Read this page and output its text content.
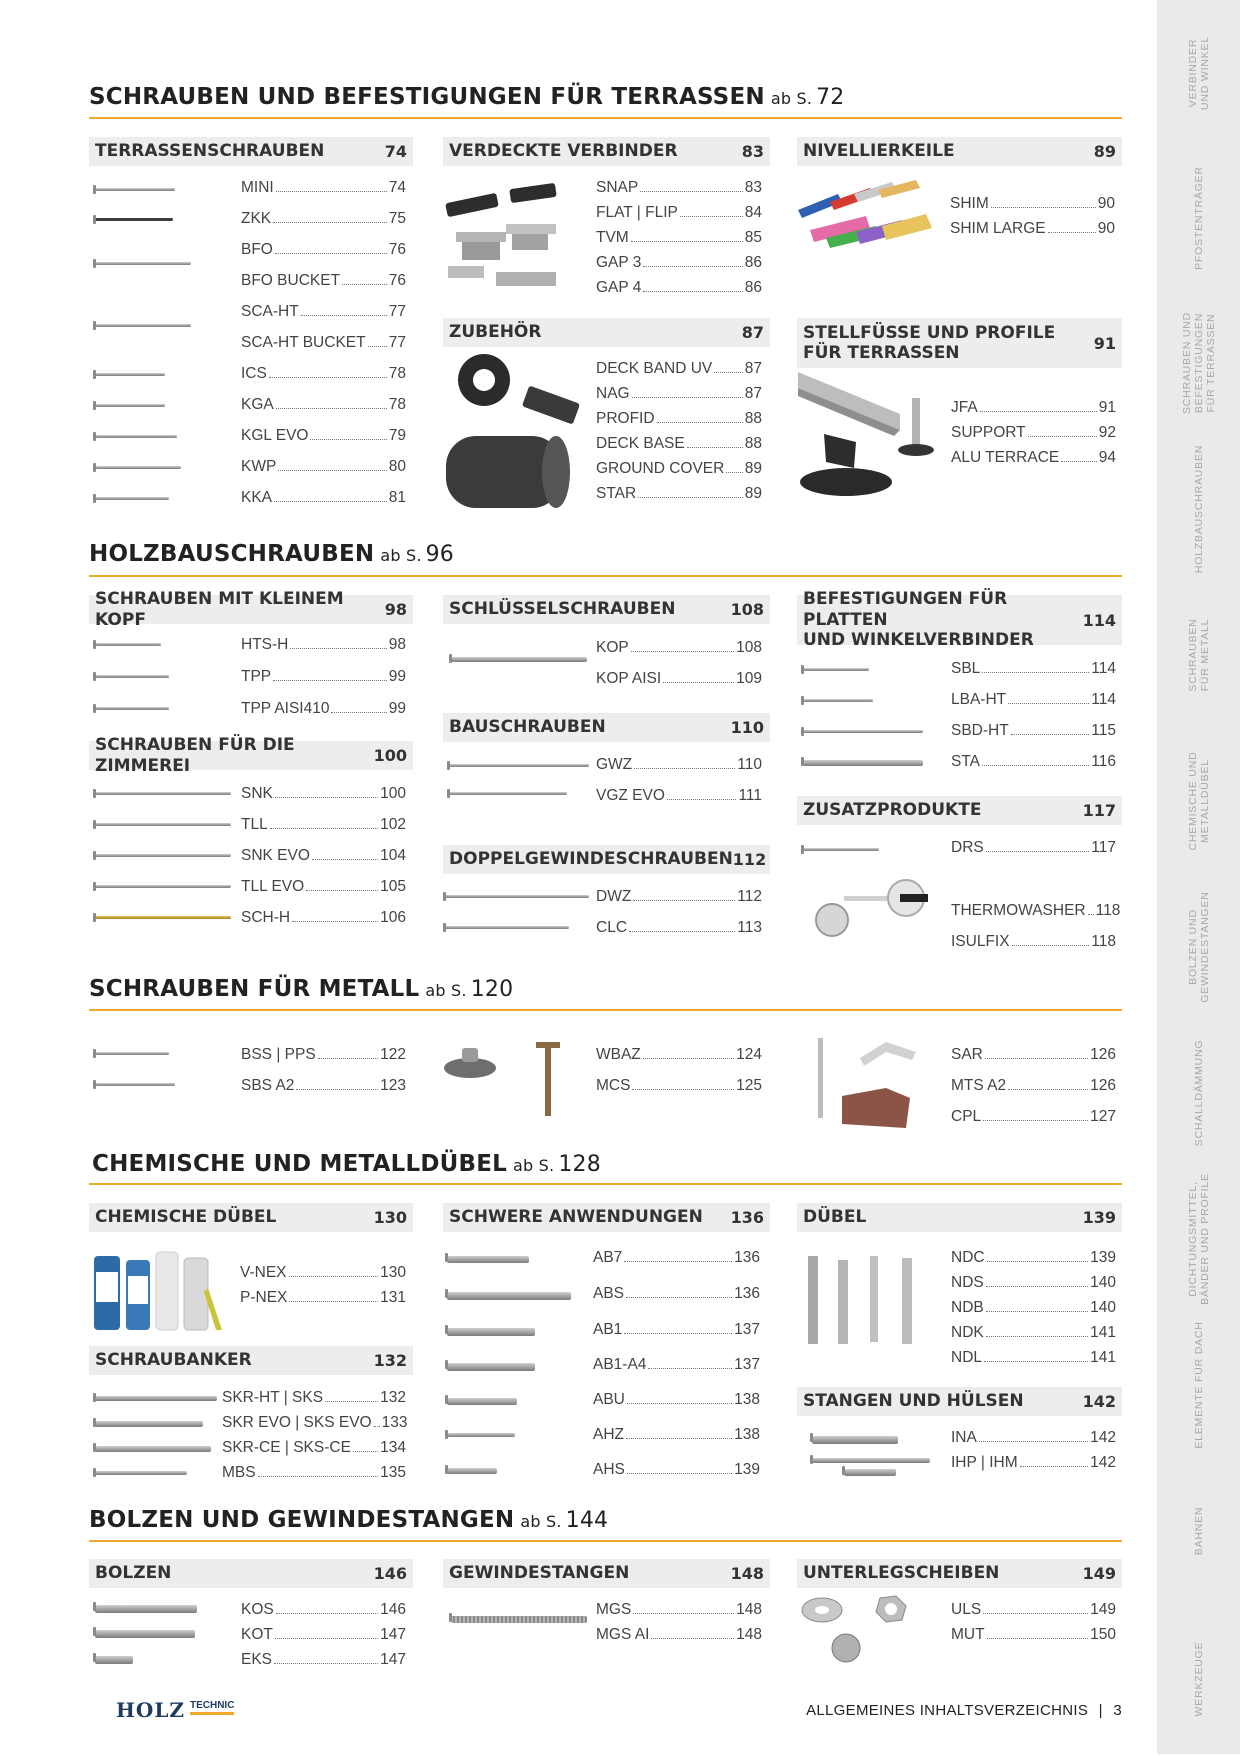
VERBINDER
UND WINKEL
PFOSTENTRÄGER
SCHRAUBEN UND
BEFESTIGUNGEN
FÜR TERRASSEN
HOLZBAUSCHRAUBEN
SCHRAUBEN
FÜR METALL
CHEMISCHE UND
METALLDÜBEL
BOLZEN UND
GEWINDESTANGEN
SCHALLDÄMMUNG
DICHTUNGSMITTEL,
BÄNDER UND PROFILE
ELEMENTE FÜR DACH
BAHNEN
WERKZEUGE
SCHRAUBEN UND BEFESTIGUNGEN FÜR TERRASSEN ab S. 72
TERRASSENSCHRAUBEN	74
MINI	74
ZKK	75
BFO	76
BFO BUCKET	76
SCA-HT	77
SCA-HT BUCKET 77
ICS	78
KGA	78
KGL EVO	79
KWP	80
KKA	81
VERDECKTE VERBINDER	83
SNAP	83
FLAT | FLIP	84
TVM	85
GAP 3	86
GAP 4	86
NIVELLIERKEILE	89
SHIM	90
SHIM LARGE	90
ZUBEHÖR	87
DECK BAND UV 87
NAG	87
PROFID	88
DECK BASE	88
GROUND COVER 89
STAR	89
STELLFÜSSE UND PROFILE
FÜR TERRASSEN	91
JFA	91
SUPPORT	92
ALU TERRACE	94
HOLZBAUSCHRAUBEN ab S. 96
SCHRAUBEN MIT KLEINEM KOPF	98
HTS-H	98
TPP	99
TPP AISI410	99
SCHRAUBEN FÜR DIE ZIMMEREI	100
SNK	100
TLL	102
SNK EVO	104
TLL EVO	105
SCH-H	106
SCHLÜSSELSCHRAUBEN	108
KOP	108
KOP AISI	109
BAUSCHRAUBEN	110
GWZ	110
VGZ EVO	111
DOPPELGEWINDESCHRAUBEN 112
DWZ	112
CLC	113
BEFESTIGUNGEN FÜR PLATTEN
UND WINKELVERBINDER
114
SBL	114
LBA-HT	114
SBD-HT	115
STA	116
ZUSATZPRODUKTE	117
DRS	117
THERMOWASHER 118
ISULFIX	118
SCHRAUBEN FÜR METALL ab S. 120
BSS | PPS	122
SBS A2	123
WBAZ	124
MCS	125
SAR	126
MTS A2	126
CPL	127
CHEMISCHE UND METALLDÜBEL ab S. 128
CHEMISCHE DÜBEL	130
V-NEX	130
P-NEX	131
SCHRAUBANKER	132
SKR-HT | SKS	132
SKR EVO | SKS EVO 133
SKR-CE | SKS-CE 134
MBS	135
SCHWERE ANWENDUNGEN 136
AB7	136
ABS	136
AB1	137
AB1-A4	137
ABU	138
AHZ	138
AHS	139
DÜBEL	139
NDC	139
NDS	140
NDB	140
NDK	141
NDL	141
STANGEN UND HÜLSEN	142
INA	142
IHP | IHM	142
BOLZEN UND GEWINDESTANGEN ab S. 144
BOLZEN	146
KOS	146
KOT	147
EKS	147
GEWINDESTANGEN	148
MGS	148
MGS AI	148
UNTERLEGSCHEIBEN	149
ULS	149
MUT	150
HOLZ TECHNIC	ALLGEMEINES INHALTSVERZEICHNIS | 3
